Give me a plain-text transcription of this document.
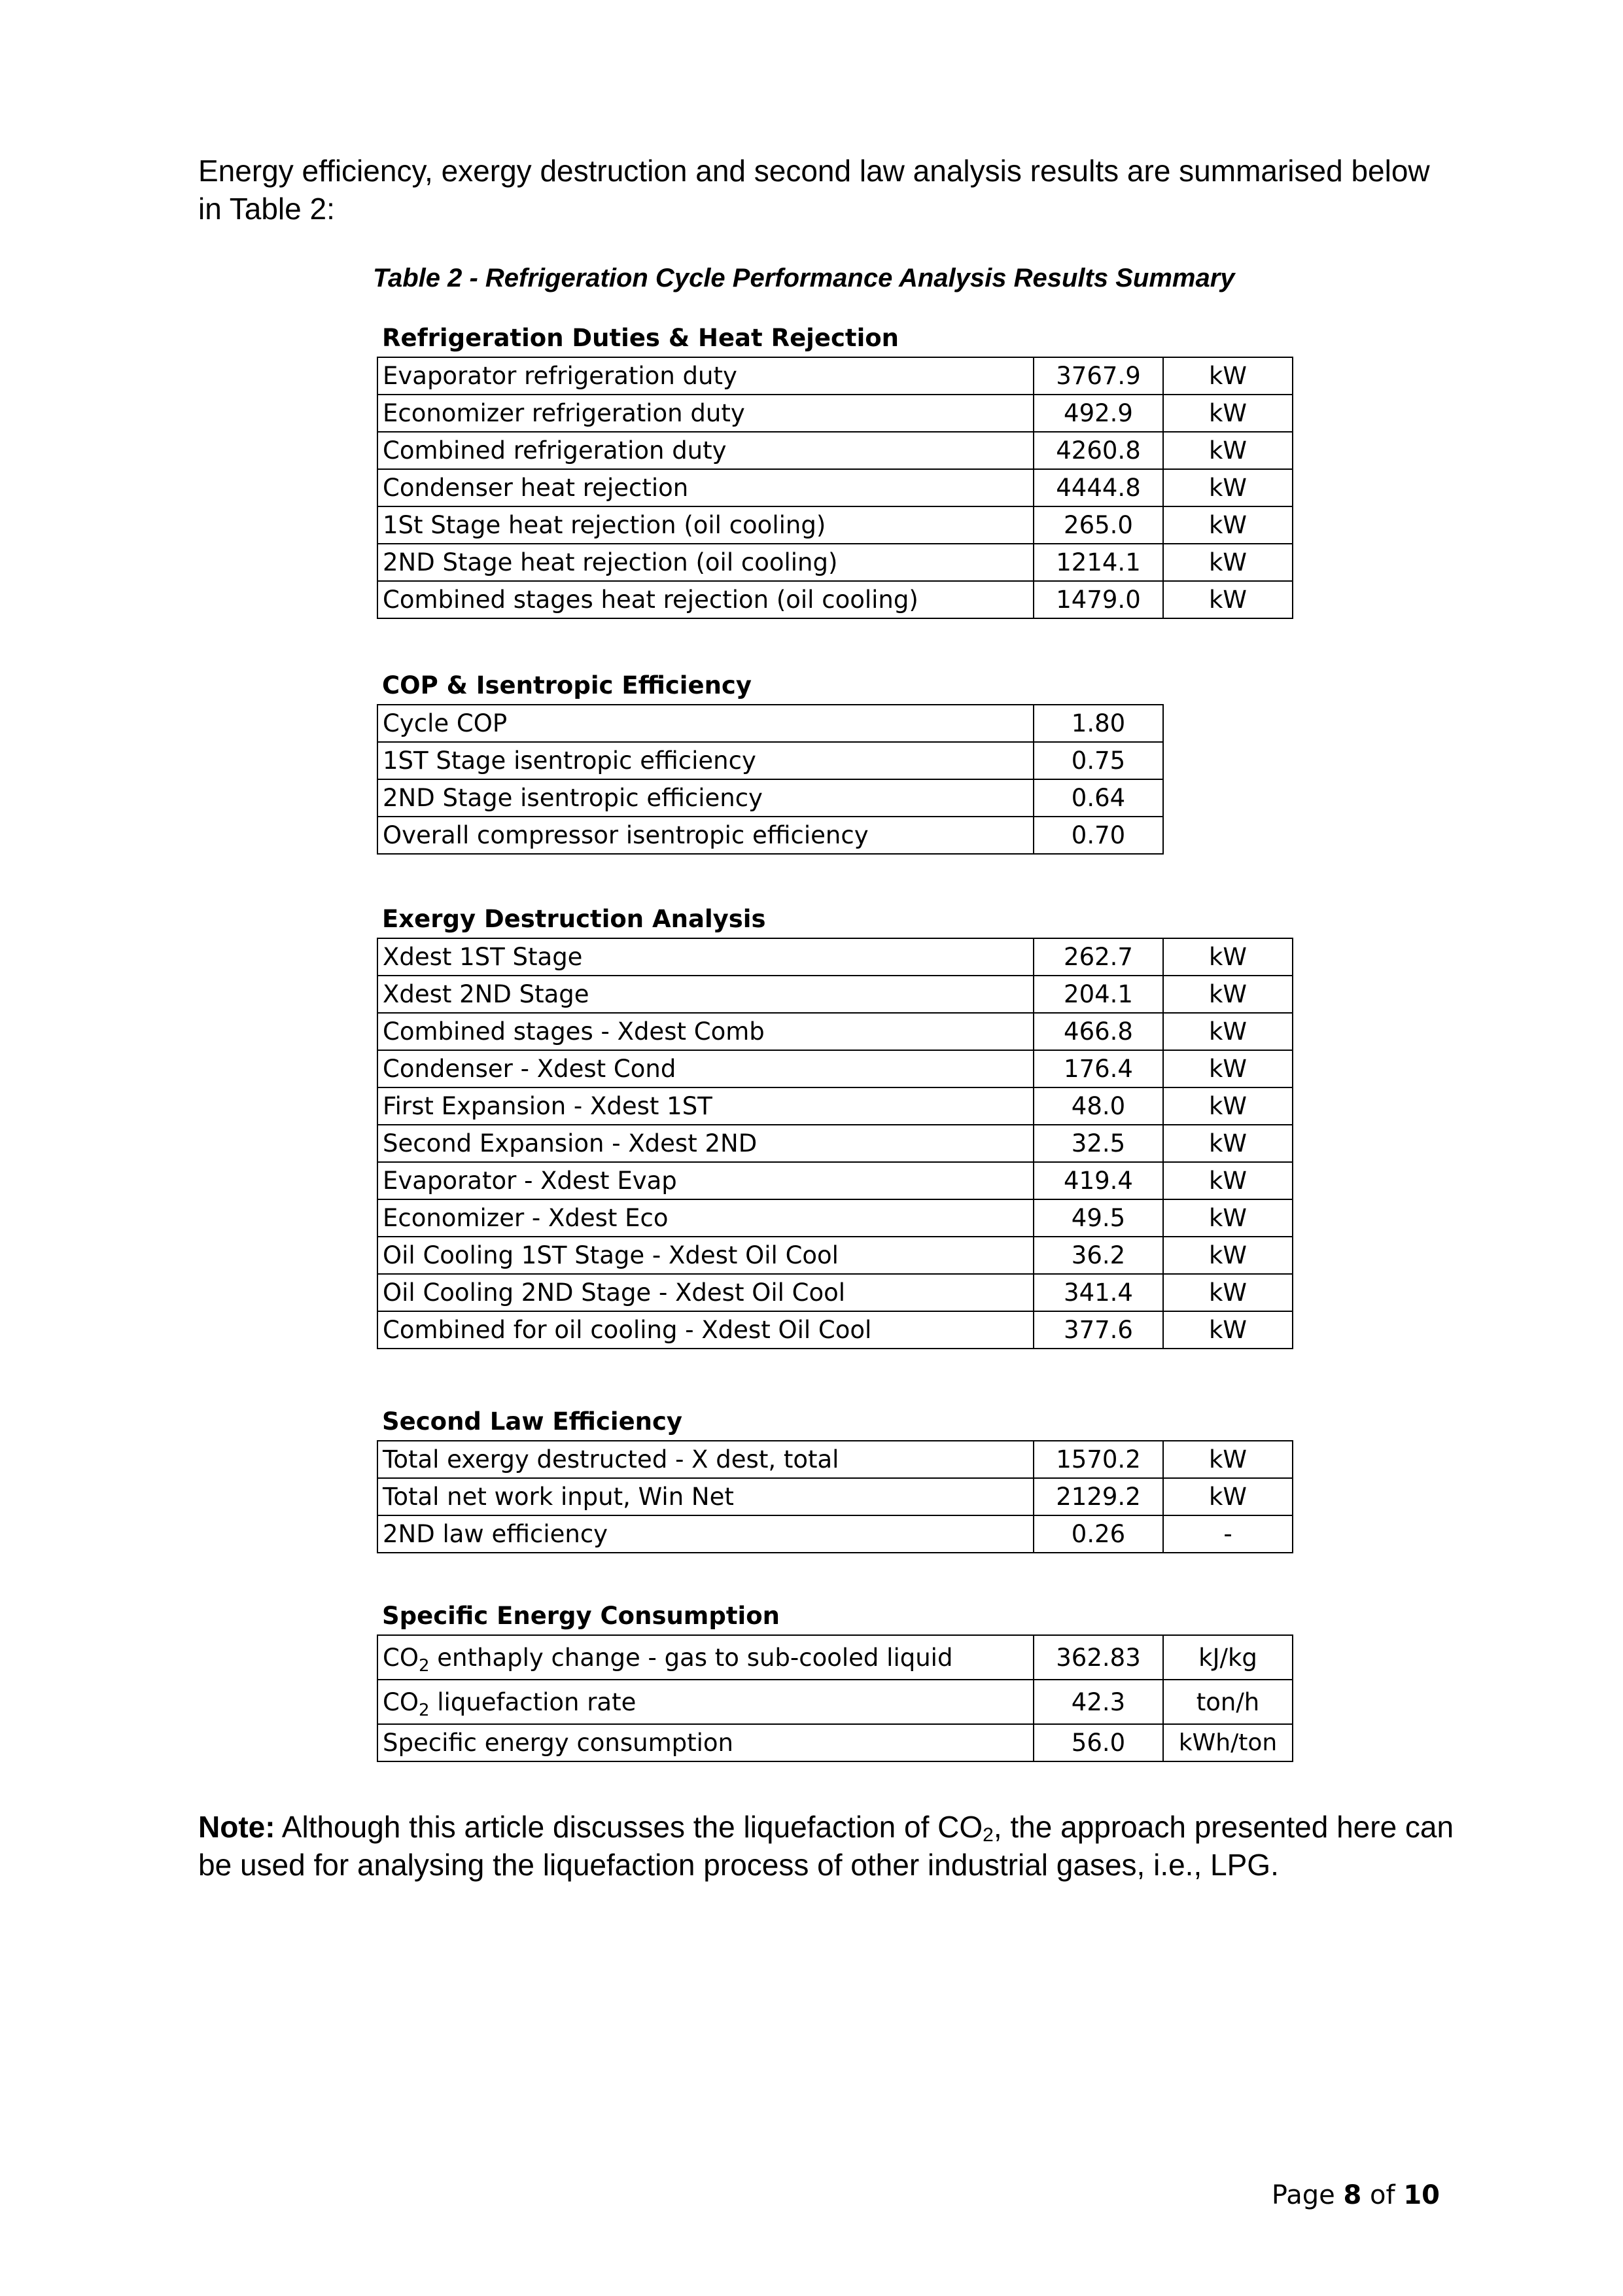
Energy efficiency, exergy destruction and second law analysis results are summarised below in Table 2:

Table 2 - Refrigeration Cycle Performance Analysis Results Summary

Refrigeration Duties & Heat Rejection
Evaporator refrigeration duty	3767.9	kW
Economizer refrigeration duty	492.9	kW
Combined refrigeration duty	4260.8	kW
Condenser heat rejection	4444.8	kW
1St Stage heat rejection (oil cooling)	265.0	kW
2ND Stage heat rejection (oil cooling)	1214.1	kW
Combined stages heat rejection (oil cooling)	1479.0	kW
COP & Isentropic Efficiency
Cycle COP	1.80
1ST Stage isentropic efficiency	0.75
2ND Stage isentropic efficiency	0.64
Overall compressor isentropic efficiency	0.70
Exergy Destruction Analysis
Xdest 1ST Stage	262.7	kW
Xdest 2ND Stage	204.1	kW
Combined stages - Xdest Comb	466.8	kW
Condenser - Xdest Cond	176.4	kW
First Expansion - Xdest 1ST	48.0	kW
Second Expansion - Xdest 2ND	32.5	kW
Evaporator - Xdest Evap	419.4	kW
Economizer - Xdest Eco	49.5	kW
Oil Cooling 1ST Stage - Xdest Oil Cool	36.2	kW
Oil Cooling 2ND Stage - Xdest Oil Cool	341.4	kW
Combined for oil cooling - Xdest Oil Cool	377.6	kW
Second Law Efficiency
Total exergy destructed - X dest, total	1570.2	kW
Total net work input, Win Net	2129.2	kW
2ND law efficiency	0.26	-
Specific Energy Consumption
$CO_2$ enthaply change - gas to sub-cooled liquid	362.83	kJ/kg
$CO_2$ liquefaction rate	42.3	ton/h
Specific energy consumption	56.0	kWh/ton

Note: Although this article discusses the liquefaction of $CO_2$, the approach presented here can be used for analysing the liquefaction process of other industrial gases, i.e., LPG.

Page 8 of 10
